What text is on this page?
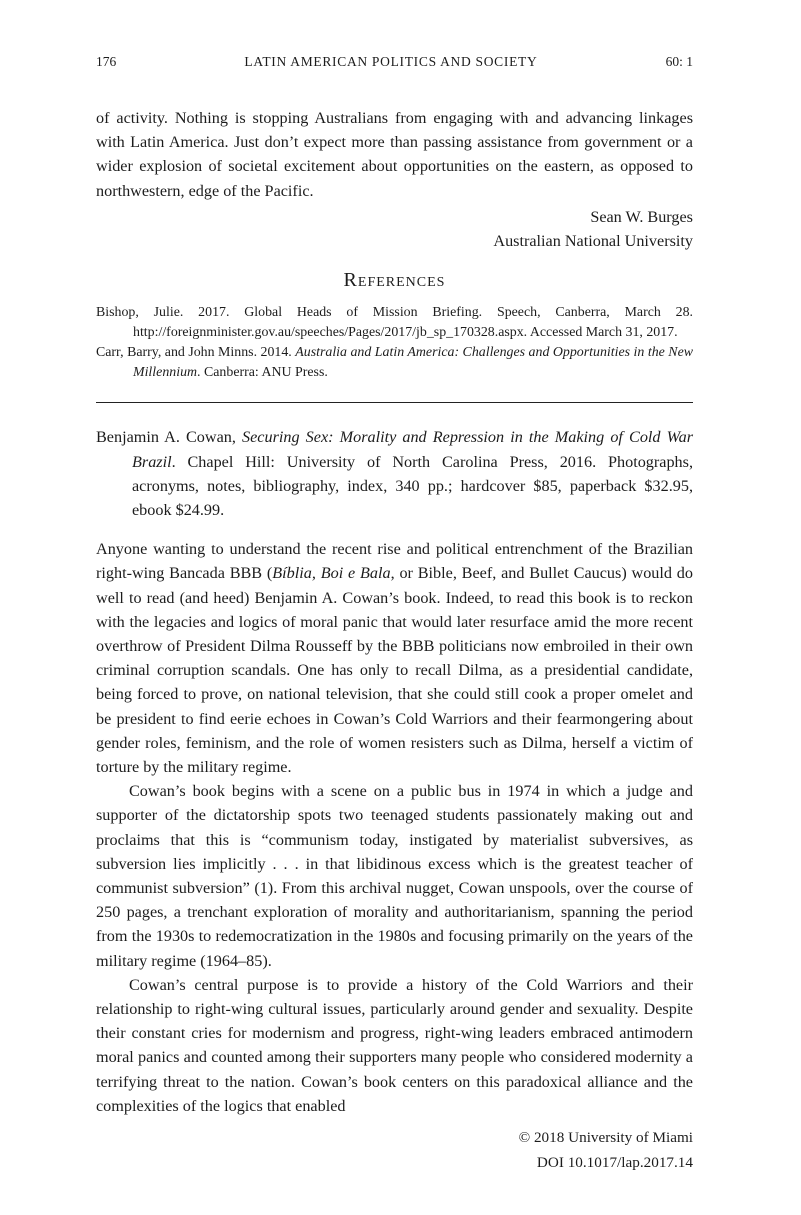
176	LATIN AMERICAN POLITICS AND SOCIETY	60: 1

of activity. Nothing is stopping Australians from engaging with and advancing linkages with Latin America. Just don’t expect more than passing assistance from government or a wider explosion of societal excitement about opportunities on the eastern, as opposed to northwestern, edge of the Pacific.

Sean W. Burges
Australian National University
References

Bishop, Julie. 2017. Global Heads of Mission Briefing. Speech, Canberra, March 28. http://foreignminister.gov.au/speeches/Pages/2017/jb_sp_170328.aspx. Accessed March 31, 2017.

Carr, Barry, and John Minns. 2014. Australia and Latin America: Challenges and Opportunities in the New Millennium. Canberra: ANU Press.

Benjamin A. Cowan, Securing Sex: Morality and Repression in the Making of Cold War Brazil. Chapel Hill: University of North Carolina Press, 2016. Photographs, acronyms, notes, bibliography, index, 340 pp.; hardcover $85, paperback $32.95, ebook $24.99.

Anyone wanting to understand the recent rise and political entrenchment of the Brazilian right-wing Bancada BBB (Bíblia, Boi e Bala, or Bible, Beef, and Bullet Caucus) would do well to read (and heed) Benjamin A. Cowan’s book. Indeed, to read this book is to reckon with the legacies and logics of moral panic that would later resurface amid the more recent overthrow of President Dilma Rousseff by the BBB politicians now embroiled in their own criminal corruption scandals. One has only to recall Dilma, as a presidential candidate, being forced to prove, on national television, that she could still cook a proper omelet and be president to find eerie echoes in Cowan’s Cold Warriors and their fearmongering about gender roles, feminism, and the role of women resisters such as Dilma, herself a victim of torture by the military regime.

Cowan’s book begins with a scene on a public bus in 1974 in which a judge and supporter of the dictatorship spots two teenaged students passionately making out and proclaims that this is “communism today, instigated by materialist subversives, as subversion lies implicitly . . . in that libidinous excess which is the greatest teacher of communist subversion” (1). From this archival nugget, Cowan unspools, over the course of 250 pages, a trenchant exploration of morality and authoritarianism, spanning the period from the 1930s to redemocratization in the 1980s and focusing primarily on the years of the military regime (1964–85).

Cowan’s central purpose is to provide a history of the Cold Warriors and their relationship to right-wing cultural issues, particularly around gender and sexuality. Despite their constant cries for modernism and progress, right-wing leaders embraced antimodern moral panics and counted among their supporters many people who considered modernity a terrifying threat to the nation. Cowan’s book centers on this paradoxical alliance and the complexities of the logics that enabled

© 2018 University of Miami
DOI 10.1017/lap.2017.14
